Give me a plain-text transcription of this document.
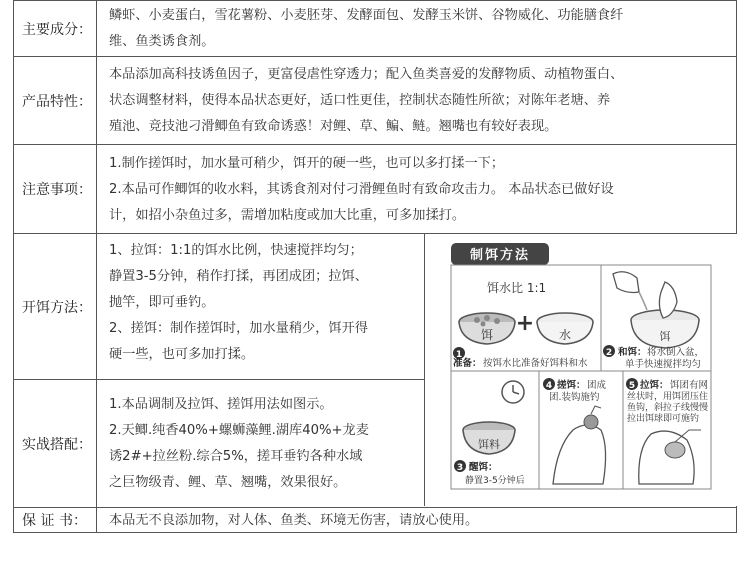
主要成分：

鳞虾、小麦蛋白，雪花薯粉、小麦胚芽、发酵面包、发酵玉米饼、谷物威化、功能膳食纤

维、鱼类诱食剂。

产品特性：

本品添加高科技诱鱼因子，更富侵虐性穿透力；配入鱼类喜爱的发酵物质、动植物蛋白、

状态调整材料，使得本品状态更好，适口性更佳，控制状态随性所欲；对陈年老塘、养

殖池、竞技池刁滑鲫鱼有致命诱惑！对鲤、草、鳊、鲢。翘嘴也有较好表现。

注意事项：

1.制作搓饵时，加水量可稍少，饵开的硬一些，也可以多打揉一下；

2.本品可作鲫饵的收水料，其诱食剂对付刁滑鲤鱼时有致命攻击力。 本品状态已做好设

计，如招小杂鱼过多，需增加粘度或加大比重，可多加揉打。

开饵方法：

1、拉饵：1:1的饵水比例，快速搅拌均匀；

静置3-5分钟，稍作打揉，再团成团；拉饵、

抛竿，即可垂钓。

2、搓饵：制作搓饵时，加水量稍少，饵开得

硬一些，也可多加打揉。

实战搭配：

1.本品调制及拉饵、搓饵用法如图示。

2.天鲫.纯香40%+螺蛳藻鲤.湖库40%+龙麦

诱2#+拉丝粉.综合5%，搓耳垂钓各种水域

之巨物级青、鲤、草、翘嘴，效果很好。

保 证 书：	本品无不良添加物，对人体、鱼类、环境无伤害，请放心使用。

制饵方法
饵水比 1:1
饵 + 水
1
准备： 按饵水比准备好饵料和水
饵
2 和饵： 将水倒入盆，
单手快速搅拌均匀
饵料
3 醒饵：
静置3-5分钟后
4 搓饵： 团成
团.装钩施钓
5 拉饵： 饵团有网
丝状时，用饵团压住
鱼钩，斜拉子线慢慢
拉出饵球即可施钓
